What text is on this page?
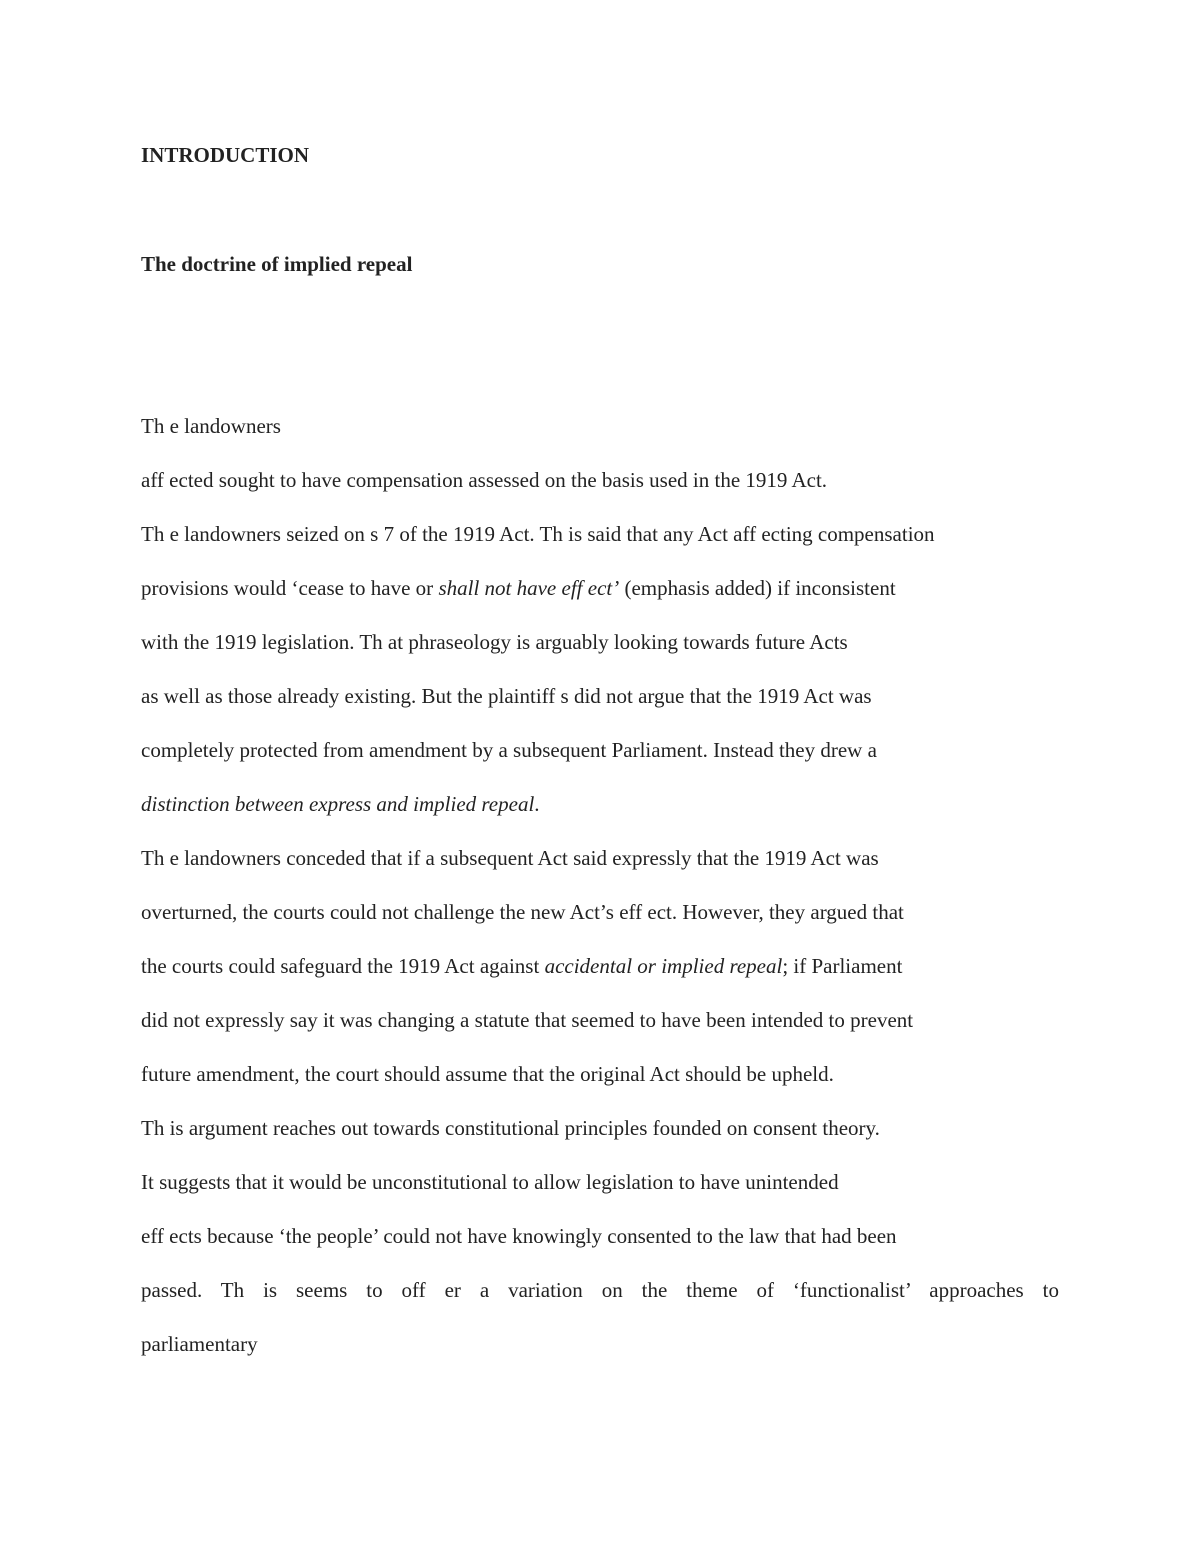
INTRODUCTION
The doctrine of implied repeal

Th e landowners

aff ected sought to have compensation assessed on the basis used in the 1919 Act.

Th e landowners seized on s 7 of the 1919 Act. Th is said that any Act aff ecting compensation

provisions would ‘cease to have or shall not have eff ect’ (emphasis added) if inconsistent

with the 1919 legislation. Th at phraseology is arguably looking towards future Acts

as well as those already existing. But the plaintiff s did not argue that the 1919 Act was

completely protected from amendment by a subsequent Parliament. Instead they drew a

distinction between express and implied repeal.

Th e landowners conceded that if a subsequent Act said expressly that the 1919 Act was

overturned, the courts could not challenge the new Act’s eff ect. However, they argued that

the courts could safeguard the 1919 Act against accidental or implied repeal; if Parliament

did not expressly say it was changing a statute that seemed to have been intended to prevent

future amendment, the court should assume that the original Act should be upheld.

Th is argument reaches out towards constitutional principles founded on consent theory.

It suggests that it would be unconstitutional to allow legislation to have unintended

eff ects because ‘the people’ could not have knowingly consented to the law that had been

passed. Th is seems to off er a variation on the theme of ‘functionalist’ approaches to

parliamentary
